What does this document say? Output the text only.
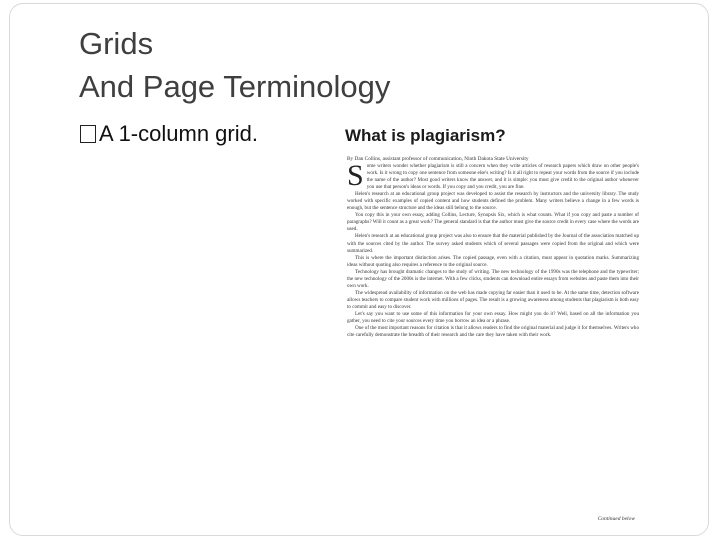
Grids
And Page Terminology
A 1-column grid.	What is plagiarism?
By Dan Collins, assistant professor of communication, Ninth Dakota State University

Some writers wonder whether plagiarism is still a concern when they write articles of research papers which draw on other people's work. Is it wrong to copy one sentence from someone else's writing? Is it all right to repeat your words from the source if you include the name of the author? Most good writers know the answer, and it is simple: you must give credit to the original author whenever you use that person's ideas or words. If you copy and you credit, you are fine.

Helen's research at an educational group project was developed to assist the research by instructors and the university library. The study worked with specific examples of copied content and how students defined the problem. Many writers believe a change in a few words is enough, but the sentence structure and the ideas still belong to the source.

You copy this in your own essay, adding Collins, Lecture, Synopsis Six, which is what counts. What if you copy and paste a number of paragraphs? Will it count as a great work? The general standard is that the author must give the source credit in every case where the words are used.

Helen's research at an educational group project was also to ensure that the material published by the Journal of the association matched up with the sources cited by the author. The survey asked students which of several passages were copied from the original and which were summarized.

This is where the important distinction arises. The copied passage, even with a citation, must appear in quotation marks. Summarizing ideas without quoting also requires a reference to the original source.

Technology has brought dramatic changes to the study of writing. The new technology of the 1990s was the telephone and the typewriter; the new technology of the 2000s is the internet. With a few clicks, students can download entire essays from websites and paste them into their own work.

The widespread availability of information on the web has made copying far easier than it used to be. At the same time, detection software allows teachers to compare student work with millions of pages. The result is a growing awareness among students that plagiarism is both easy to commit and easy to discover.

Let's say you want to use some of this information for your own essay. How might you do it? Well, based on all the information you gather, you need to cite your sources every time you borrow an idea or a phrase.

One of the most important reasons for citation is that it allows readers to find the original material and judge it for themselves. Writers who cite carefully demonstrate the breadth of their research and the care they have taken with their work.

Continued below
